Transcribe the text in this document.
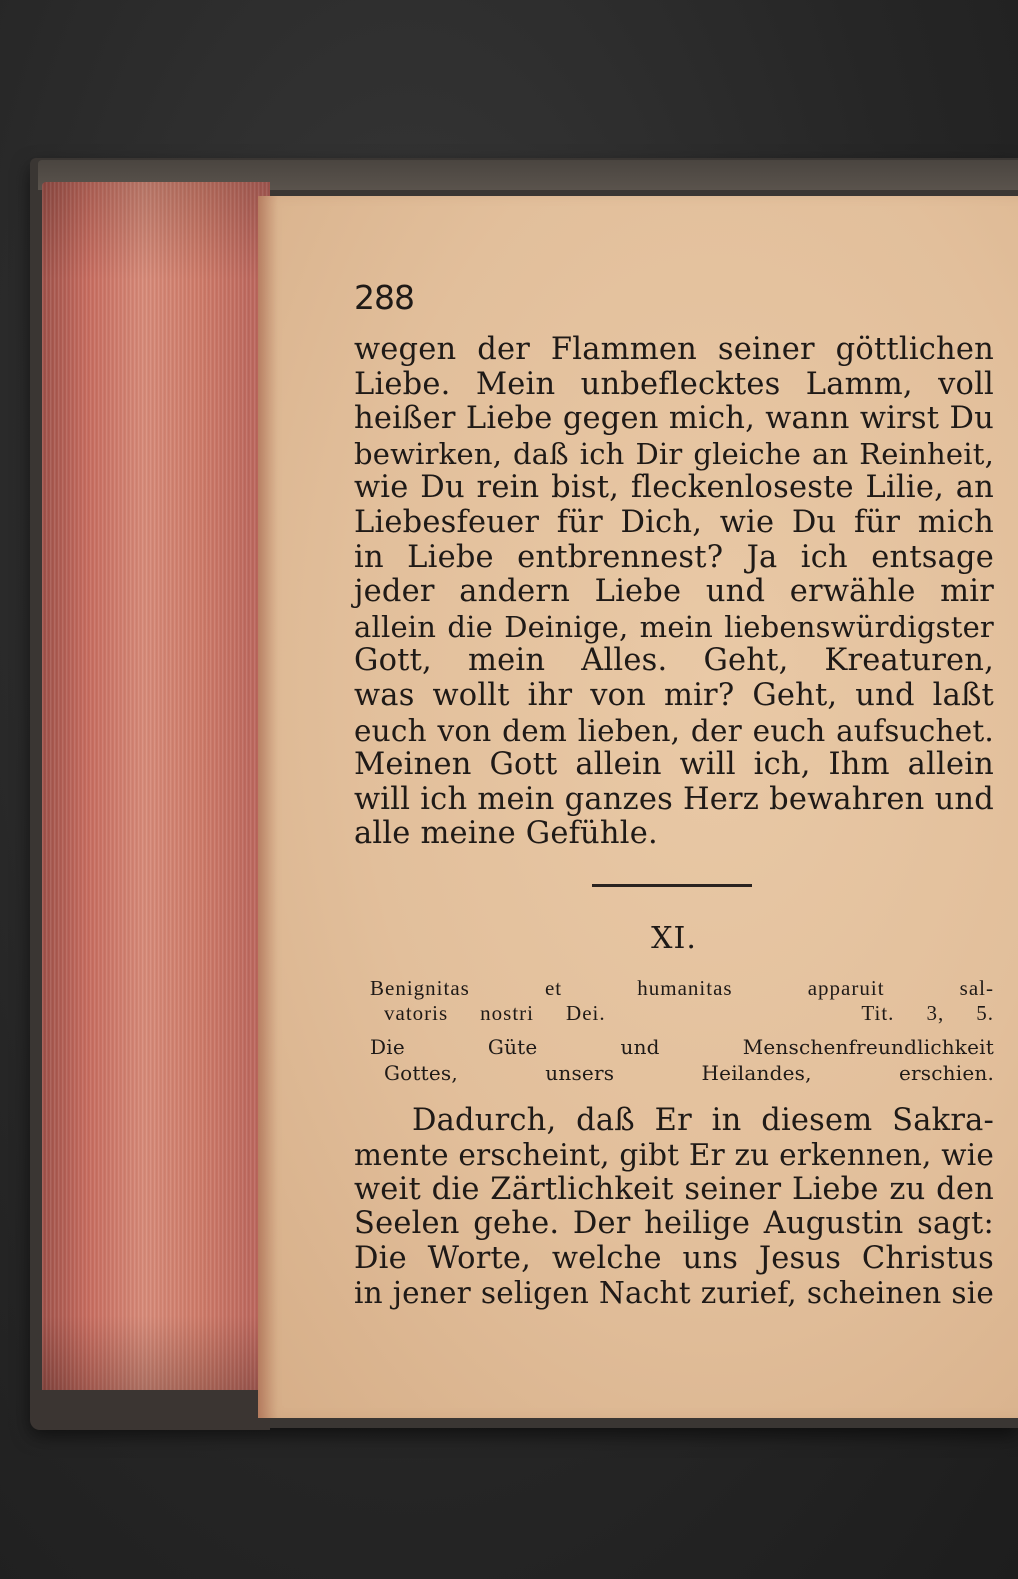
288
wegen der Flammen seiner göttlichen
Liebe. Mein unbeflecktes Lamm, voll
heißer Liebe gegen mich, wann wirst Du
bewirken, daß ich Dir gleiche an Reinheit,
wie Du rein bist, fleckenloseste Lilie, an
Liebesfeuer für Dich, wie Du für mich
in Liebe entbrennest? Ja ich entsage
jeder andern Liebe und erwähle mir
allein die Deinige, mein liebenswürdigster
Gott, mein Alles. Geht, Kreaturen,
was wollt ihr von mir? Geht, und laßt
euch von dem lieben, der euch aufsuchet.
Meinen Gott allein will ich, Ihm allein
will ich mein ganzes Herz bewahren und
alle meine Gefühle.
XI.
Benignitas et humanitas apparuit sal-
vatoris nostri Dei.        Tit. 3, 5.
Die Güte und Menschenfreundlichkeit
Gottes, unsers Heilandes, erschien.
Dadurch, daß Er in diesem Sakra-
mente erscheint, gibt Er zu erkennen, wie
weit die Zärtlichkeit seiner Liebe zu den
Seelen gehe. Der heilige Augustin sagt:
Die Worte, welche uns Jesus Christus
in jener seligen Nacht zurief, scheinen sie
